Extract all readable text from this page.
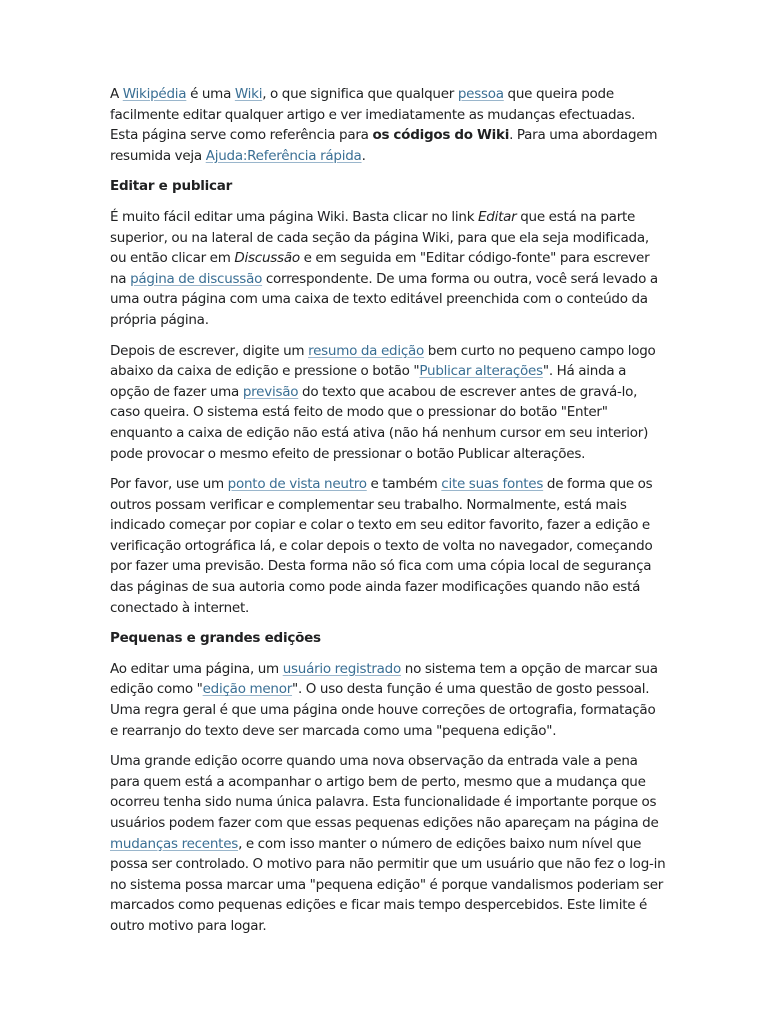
A Wikipédia é uma Wiki, o que significa que qualquer pessoa que queira pode facilmente editar qualquer artigo e ver imediatamente as mudanças efectuadas. Esta página serve como referência para os códigos do Wiki. Para uma abordagem resumida veja Ajuda:Referência rápida.

Editar e publicar

É muito fácil editar uma página Wiki. Basta clicar no link Editar que está na parte superior, ou na lateral de cada seção da página Wiki, para que ela seja modificada, ou então clicar em Discussão e em seguida em "Editar código-fonte" para escrever na página de discussão correspondente. De uma forma ou outra, você será levado a uma outra página com uma caixa de texto editável preenchida com o conteúdo da própria página.

Depois de escrever, digite um resumo da edição bem curto no pequeno campo logo abaixo da caixa de edição e pressione o botão "Publicar alterações". Há ainda a opção de fazer uma previsão do texto que acabou de escrever antes de gravá-lo, caso queira. O sistema está feito de modo que o pressionar do botão "Enter" enquanto a caixa de edição não está ativa (não há nenhum cursor em seu interior) pode provocar o mesmo efeito de pressionar o botão Publicar alterações.

Por favor, use um ponto de vista neutro e também cite suas fontes de forma que os outros possam verificar e complementar seu trabalho. Normalmente, está mais indicado começar por copiar e colar o texto em seu editor favorito, fazer a edição e verificação ortográfica lá, e colar depois o texto de volta no navegador, começando por fazer uma previsão. Desta forma não só fica com uma cópia local de segurança das páginas de sua autoria como pode ainda fazer modificações quando não está conectado à internet.

Pequenas e grandes edições

Ao editar uma página, um usuário registrado no sistema tem a opção de marcar sua edição como "edição menor". O uso desta função é uma questão de gosto pessoal. Uma regra geral é que uma página onde houve correções de ortografia, formatação e rearranjo do texto deve ser marcada como uma "pequena edição".

Uma grande edição ocorre quando uma nova observação da entrada vale a pena para quem está a acompanhar o artigo bem de perto, mesmo que a mudança que ocorreu tenha sido numa única palavra. Esta funcionalidade é importante porque os usuários podem fazer com que essas pequenas edições não apareçam na página de mudanças recentes, e com isso manter o número de edições baixo num nível que possa ser controlado. O motivo para não permitir que um usuário que não fez o log-in no sistema possa marcar uma "pequena edição" é porque vandalismos poderiam ser marcados como pequenas edições e ficar mais tempo despercebidos. Este limite é outro motivo para logar.
